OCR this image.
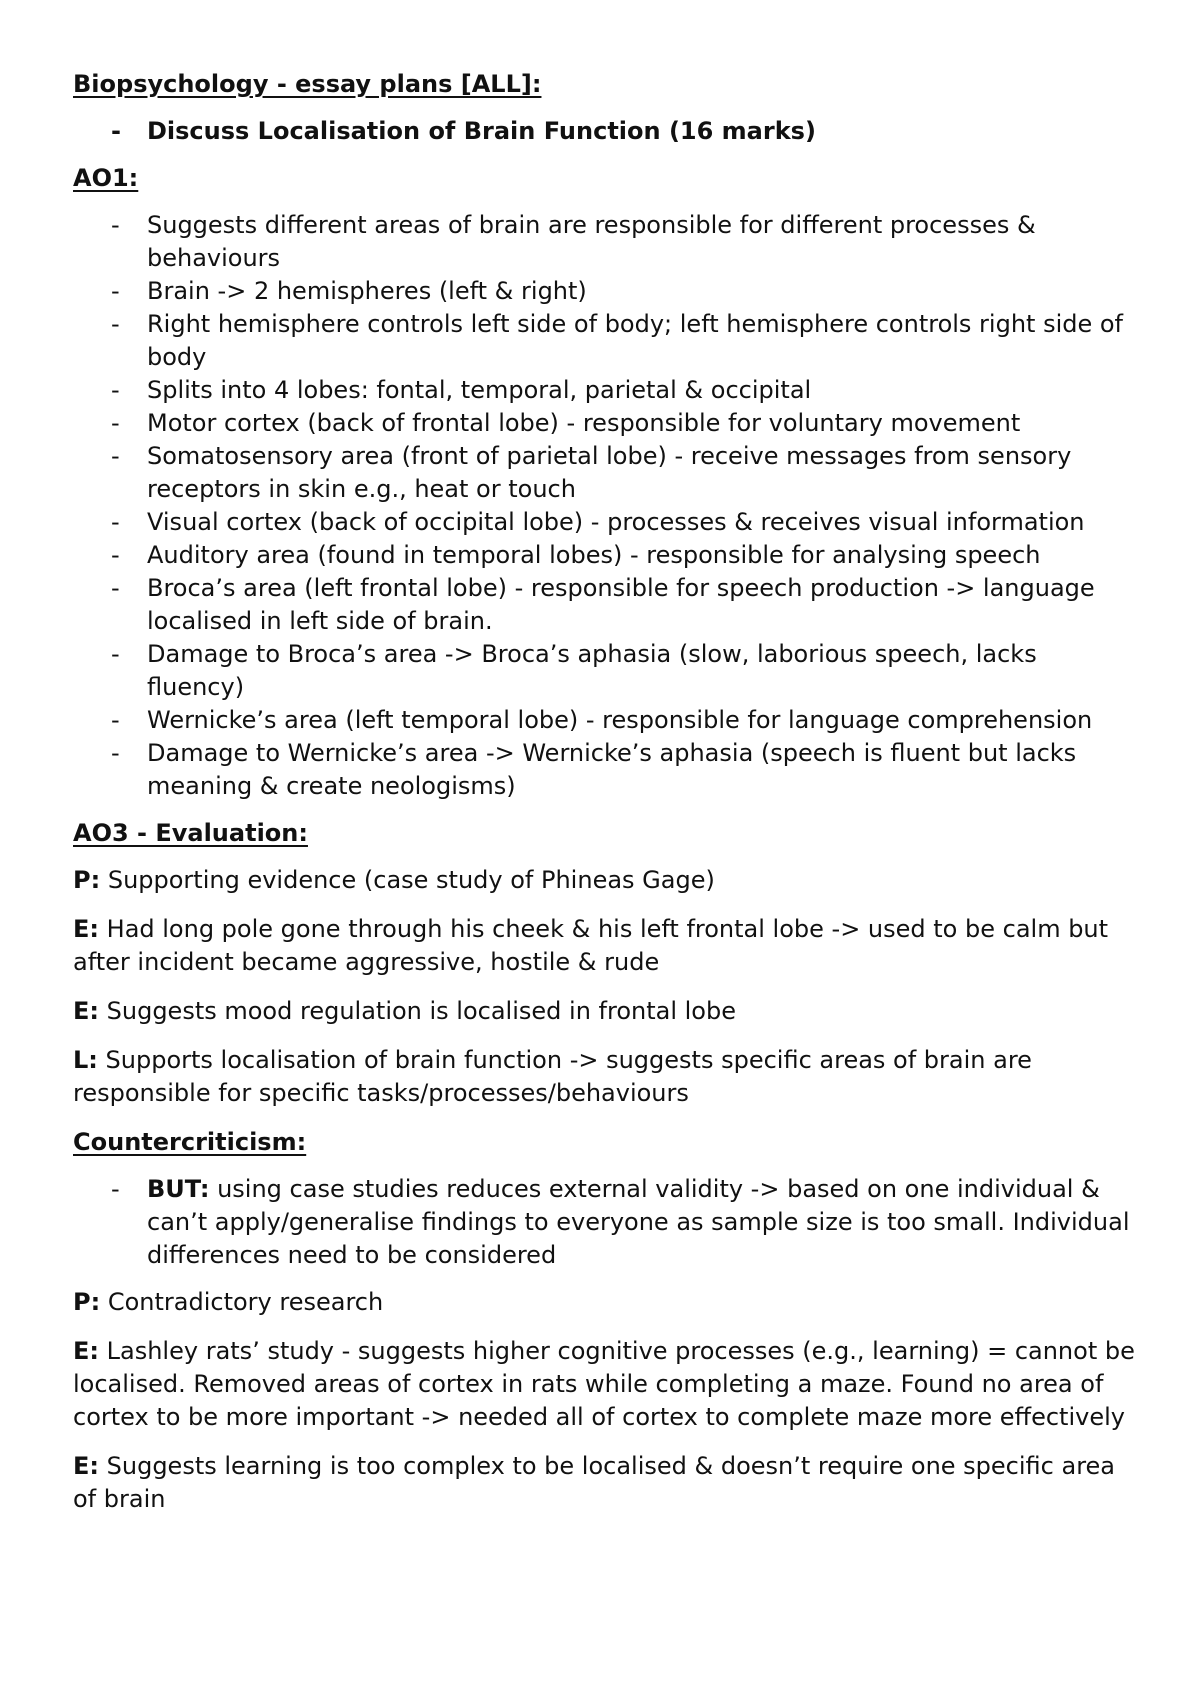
Biopsychology - essay plans [ALL]:

- Discuss Localisation of Brain Function (16 marks)

AO1:

- Suggests different areas of brain are responsible for different processes & behaviours
- Brain -> 2 hemispheres (left & right)
- Right hemisphere controls left side of body; left hemisphere controls right side of body
- Splits into 4 lobes: fontal, temporal, parietal & occipital
- Motor cortex (back of frontal lobe) - responsible for voluntary movement
- Somatosensory area (front of parietal lobe) - receive messages from sensory receptors in skin e.g., heat or touch
- Visual cortex (back of occipital lobe) - processes & receives visual information
- Auditory area (found in temporal lobes) - responsible for analysing speech
- Broca’s area (left frontal lobe) - responsible for speech production -> language localised in left side of brain.
- Damage to Broca’s area -> Broca’s aphasia (slow, laborious speech, lacks fluency)
- Wernicke’s area (left temporal lobe) - responsible for language comprehension
- Damage to Wernicke’s area -> Wernicke’s aphasia (speech is fluent but lacks meaning & create neologisms)

AO3 - Evaluation:

P: Supporting evidence (case study of Phineas Gage)

E: Had long pole gone through his cheek & his left frontal lobe -> used to be calm but after incident became aggressive, hostile & rude

E: Suggests mood regulation is localised in frontal lobe

L: Supports localisation of brain function -> suggests specific areas of brain are responsible for specific tasks/processes/behaviours

Countercriticism:

- BUT: using case studies reduces external validity -> based on one individual & can’t apply/generalise findings to everyone as sample size is too small. Individual differences need to be considered

P: Contradictory research

E: Lashley rats’ study - suggests higher cognitive processes (e.g., learning) = cannot be localised. Removed areas of cortex in rats while completing a maze. Found no area of cortex to be more important -> needed all of cortex to complete maze more effectively

E: Suggests learning is too complex to be localised & doesn’t require one specific area of brain
